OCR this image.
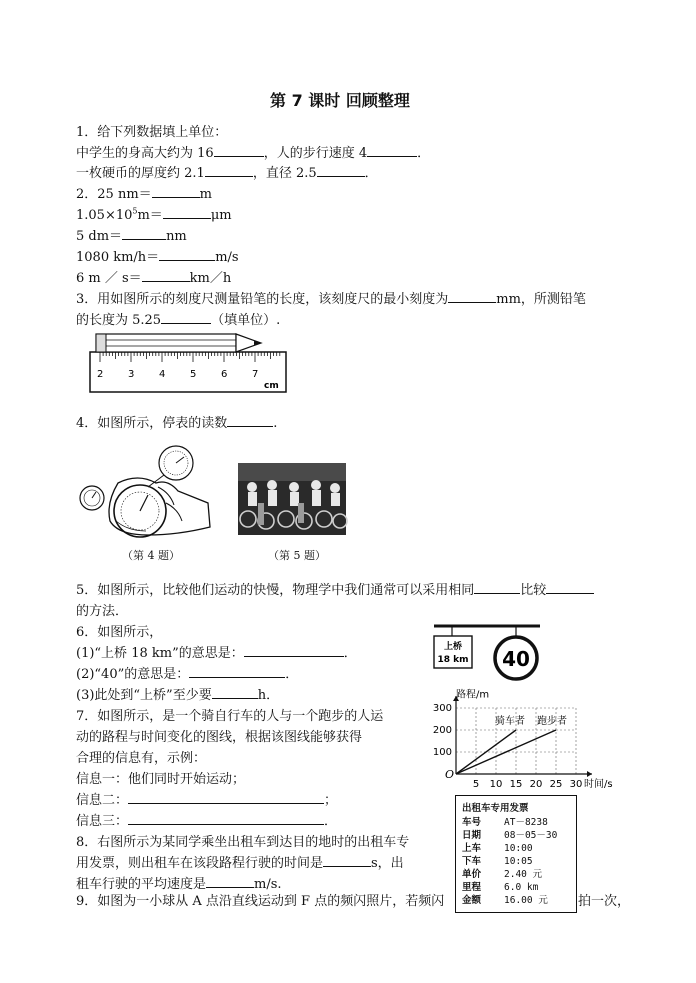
第 7 课时 回顾整理
1．给下列数据填上单位：
中学生的身高大约为 16	，人的步行速度 4	．
一枚硬币的厚度约 2.1	，直径 2.5	．
2．25 nm＝	m
$1.05\times 10^5m=$	μm
5 dm＝	nm
1080 km/h＝	m/s
6 m ／ s＝	km／h
3．用如图所示的刻度尺测量铅笔的长度，该刻度尺的最小刻度为	mm，所测铅笔
的长度为 5.25	（填单位）.
2 3 4 5 6 7
cm
4．如图所示，停表的读数	.
（第 4 题）	（第 5 题）
5．如图所示，比较他们运动的快慢，物理学中我们通常可以采用相同	比较
的方法．
6．如图所示，
(1)“上桥 18 km”的意思是：	．
(2)“40”的意思是：	．
(3)此处到“上桥”至少要	h．
上桥
18 km 40
7．如图所示，是一个骑自行车的人与一个跑步的人运
动的路程与时间变化的图线，根据该图线能够获得
合理的信息有，示例：
信息一：他们同时开始运动；
信息二：	；
信息三：	．
路程/m
时间/s
O
5 10 15 20 25 30
100
200
300
骑车者 跑步者
8．右图所示为某同学乘坐出租车到达目的地时的出租车专
用发票，则出租车在该段路程行驶的时间是	s，出
租车行驶的平均速度是	m/s.
9．如图为一小球从 A 点沿直线运动到 F 点的频闪照片，若频闪	拍一次，
出租车专用发票
车号	AT－8238
日期	08－05－30
上车	10:00
下车	10:05
单价	2.40 元
里程	6.0 km
金额	16.00 元
